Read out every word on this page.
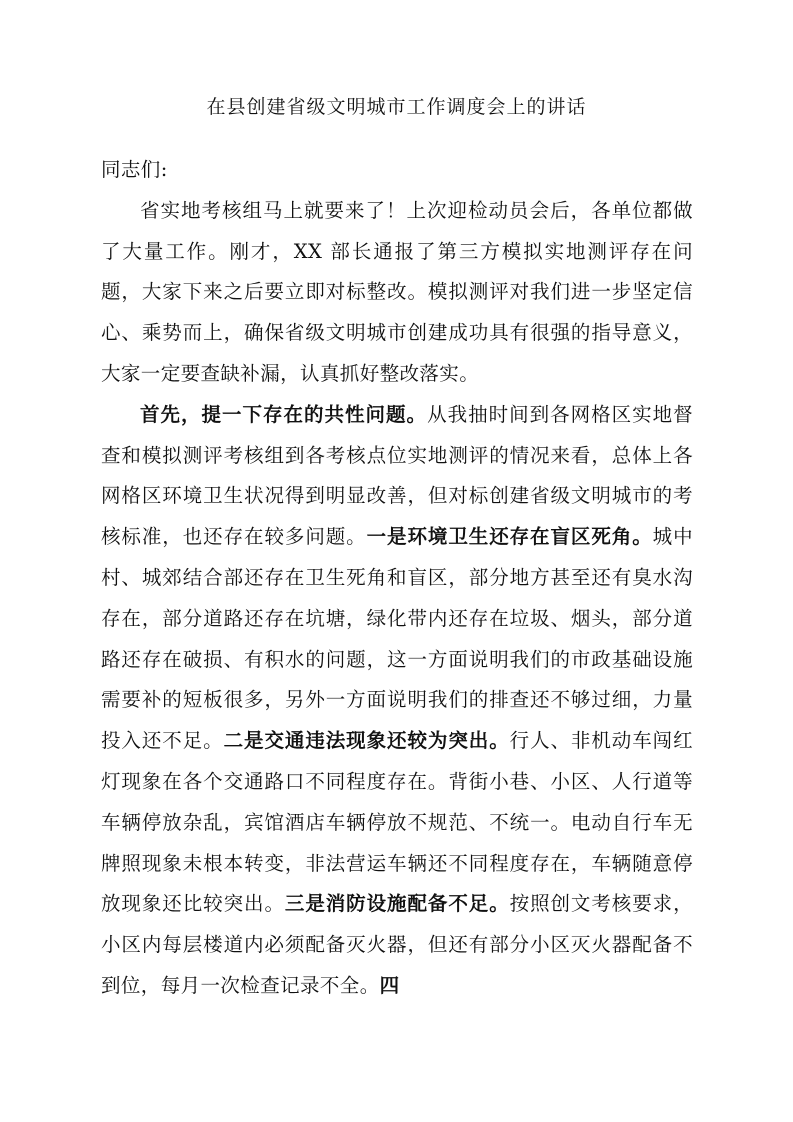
在县创建省级文明城市工作调度会上的讲话

同志们:

省实地考核组马上就要来了！上次迎检动员会后，各单位都做了大量工作。刚才，XX 部长通报了第三方模拟实地测评存在问题，大家下来之后要立即对标整改。模拟测评对我们进一步坚定信心、乘势而上，确保省级文明城市创建成功具有很强的指导意义，大家一定要查缺补漏，认真抓好整改落实。

首先，提一下存在的共性问题。从我抽时间到各网格区实地督查和模拟测评考核组到各考核点位实地测评的情况来看，总体上各网格区环境卫生状况得到明显改善，但对标创建省级文明城市的考核标准，也还存在较多问题。一是环境卫生还存在盲区死角。城中村、城郊结合部还存在卫生死角和盲区，部分地方甚至还有臭水沟存在，部分道路还存在坑塘，绿化带内还存在垃圾、烟头，部分道路还存在破损、有积水的问题，这一方面说明我们的市政基础设施需要补的短板很多，另外一方面说明我们的排查还不够过细，力量投入还不足。二是交通违法现象还较为突出。行人、非机动车闯红灯现象在各个交通路口不同程度存在。背街小巷、小区、人行道等车辆停放杂乱，宾馆酒店车辆停放不规范、不统一。电动自行车无牌照现象未根本转变，非法营运车辆还不同程度存在，车辆随意停放现象还比较突出。三是消防设施配备不足。按照创文考核要求，小区内每层楼道内必须配备灭火器，但还有部分小区灭火器配备不到位，每月一次检查记录不全。四
